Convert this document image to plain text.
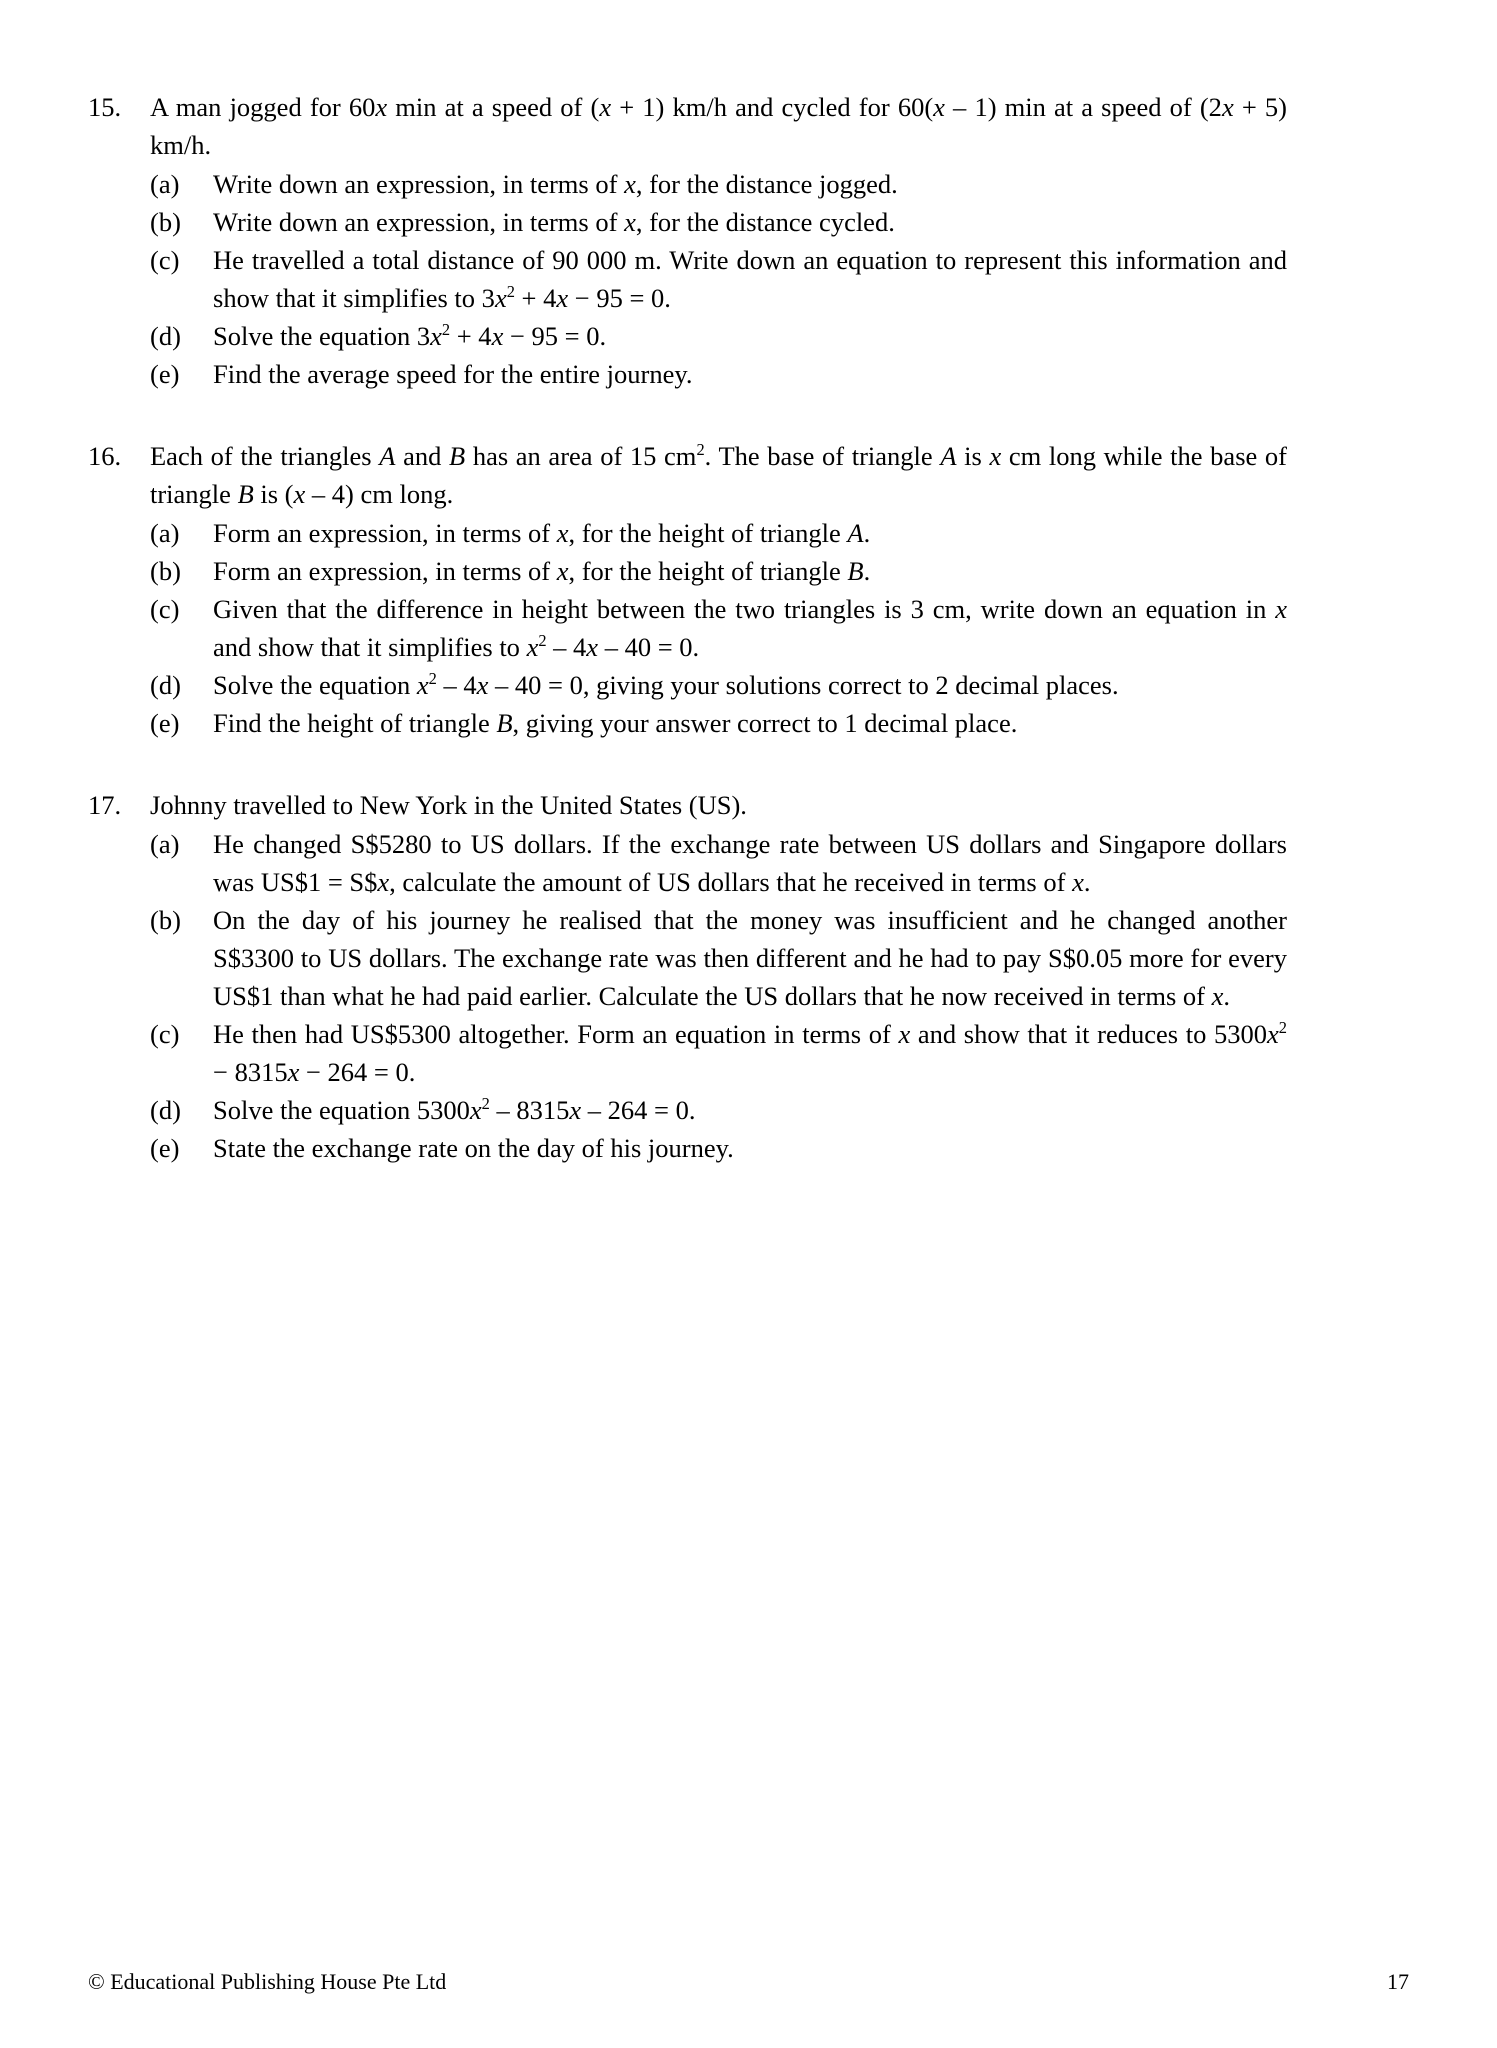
15.	A man jogged for 60x min at a speed of (x + 1) km/h and cycled for 60(x – 1) min at a speed of (2x + 5) km/h.
(a)	Write down an expression, in terms of x, for the distance jogged.
(b)	Write down an expression, in terms of x, for the distance cycled.
(c)	He travelled a total distance of 90 000 m. Write down an equation to represent this information and show that it simplifies to $3x^2 + 4x - 95 = 0$.
(d)	Solve the equation $3x^2 + 4x - 95 = 0$.
(e)	Find the average speed for the entire journey.
16.	Each of the triangles A and B has an area of 15 $cm^2$. The base of triangle A is x cm long while the base of triangle B is (x – 4) cm long.
(a)	Form an expression, in terms of x, for the height of triangle A.
(b)	Form an expression, in terms of x, for the height of triangle B.
(c)	Given that the difference in height between the two triangles is 3 cm, write down an equation in x and show that it simplifies to $x^2 - 4x - 40 = 0$.
(d)	Solve the equation $x^2 - 4x - 40 = 0$, giving your solutions correct to 2 decimal places.
(e)	Find the height of triangle B, giving your answer correct to 1 decimal place.
17.	Johnny travelled to New York in the United States (US).
(a)	He changed S$5280 to US dollars. If the exchange rate between US dollars and Singapore dollars was US$1 = S$x, calculate the amount of US dollars that he received in terms of x.
(b)	On the day of his journey he realised that the money was insufficient and he changed another S$3300 to US dollars. The exchange rate was then different and he had to pay S$0.05 more for every US$1 than what he had paid earlier. Calculate the US dollars that he now received in terms of x.
(c)	He then had US$5300 altogether. Form an equation in terms of x and show that it reduces to $5300x^2 - 8315x - 264 = 0$.
(d)	Solve the equation $5300x^2 - 8315x - 264 = 0$.
(e)	State the exchange rate on the day of his journey.
© Educational Publishing House Pte Ltd	17
